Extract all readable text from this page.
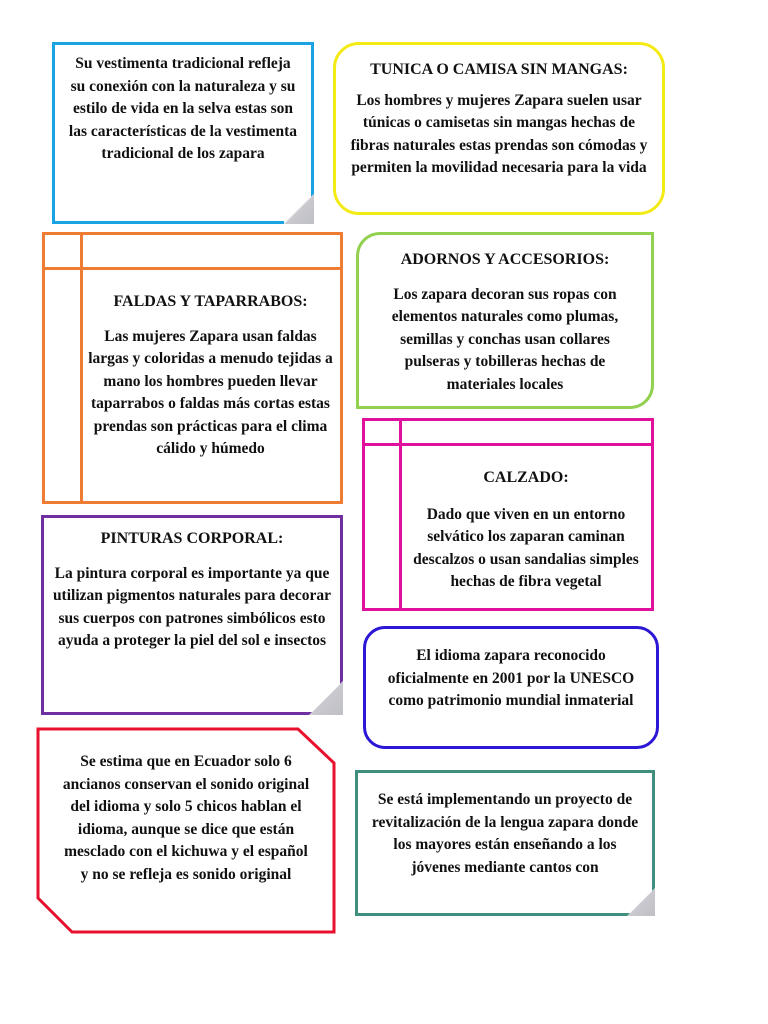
Su vestimenta tradicional refleja su conexión con la naturaleza y su estilo de vida en la selva estas son las características de la vestimenta tradicional de los zapara

TUNICA O CAMISA SIN MANGAS:

Los hombres y mujeres Zapara suelen usar túnicas o camisetas sin mangas hechas de fibras naturales estas prendas son cómodas y permiten la movilidad necesaria para la vida

FALDAS Y TAPARRABOS:

Las mujeres Zapara usan faldas largas y coloridas a menudo tejidas a mano los hombres pueden llevar taparrabos o faldas más cortas estas prendas son prácticas para el clima cálido y húmedo

ADORNOS Y ACCESORIOS:

Los zapara decoran sus ropas con elementos naturales como plumas, semillas y conchas usan collares pulseras y tobilleras hechas de materiales locales

CALZADO:

Dado que viven en un entorno selvático los zaparan caminan descalzos o usan sandalias simples hechas de fibra vegetal

PINTURAS CORPORAL:

La pintura corporal es importante ya que utilizan pigmentos naturales para decorar sus cuerpos con patrones simbólicos esto ayuda a proteger la piel del sol e insectos

El idioma zapara reconocido oficialmente en 2001 por la UNESCO como patrimonio mundial inmaterial

Se estima que en Ecuador solo 6 ancianos conservan el sonido original del idioma y solo 5 chicos hablan el idioma, aunque se dice que están mesclado con el kichuwa y el español y no se refleja es sonido original

Se está implementando un proyecto de revitalización de la lengua zapara donde los mayores están enseñando a los jóvenes mediante cantos con
